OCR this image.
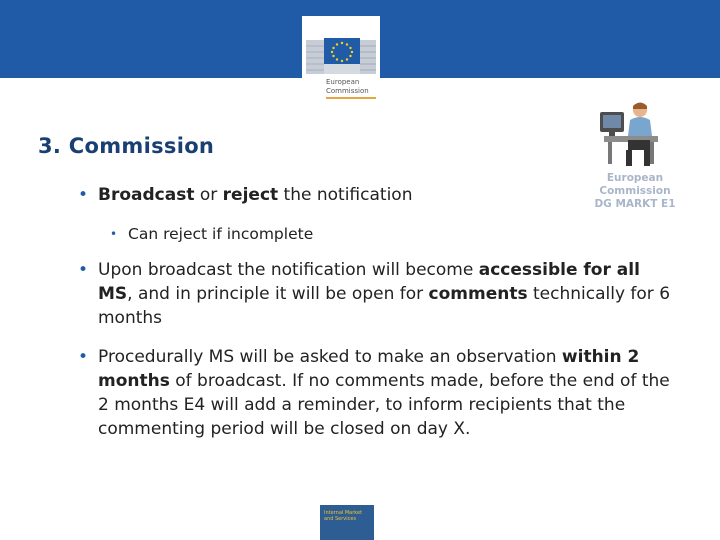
European
Commission
3. Commission
European Commission
DG MARKT E1
• Broadcast or reject the notification
• Can reject if incomplete
• Upon broadcast the notification will become accessible for all MS, and in principle it will be open for comments technically for 6 months
• Procedurally MS will be asked to make an observation within 2 months of broadcast. If no comments made, before the end of the 2 months E4 will add a reminder, to inform recipients that the commenting period will be closed on day X.
Internal Market
and Services
